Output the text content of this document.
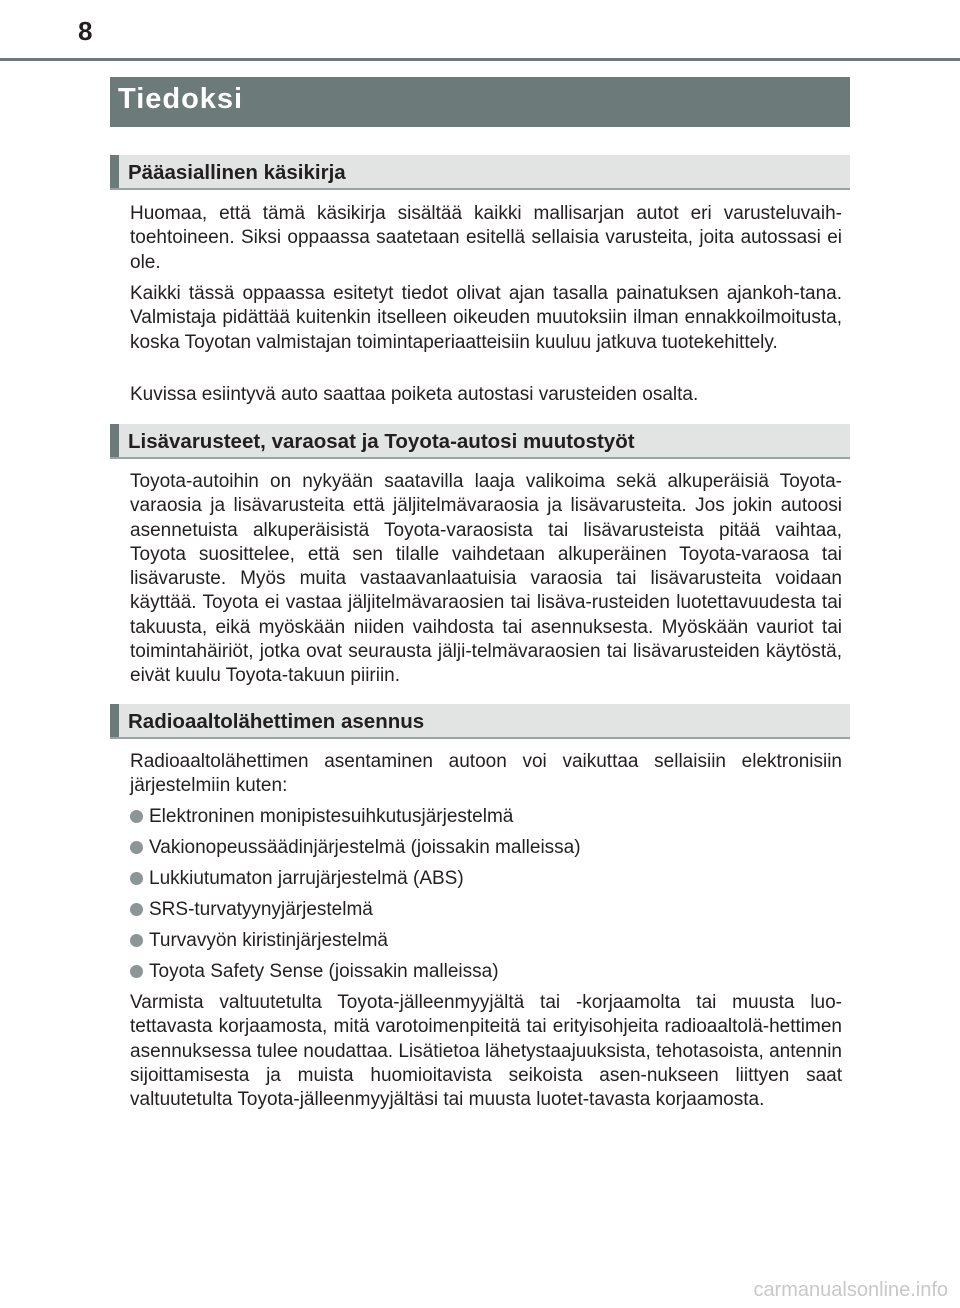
8
Tiedoksi
Pääasiallinen käsikirja

Huomaa, että tämä käsikirja sisältää kaikki mallisarjan autot eri varusteluvaih-toehtoineen. Siksi oppaassa saatetaan esitellä sellaisia varusteita, joita autossasi ei ole.

Kaikki tässä oppaassa esitetyt tiedot olivat ajan tasalla painatuksen ajankoh-tana. Valmistaja pidättää kuitenkin itselleen oikeuden muutoksiin ilman ennakkoilmoitusta, koska Toyotan valmistajan toimintaperiaatteisiin kuuluu jatkuva tuotekehittely.

Kuvissa esiintyvä auto saattaa poiketa autostasi varusteiden osalta.

Lisävarusteet, varaosat ja Toyota-autosi muutostyöt

Toyota-autoihin on nykyään saatavilla laaja valikoima sekä alkuperäisiä Toyota-varaosia ja lisävarusteita että jäljitelmävaraosia ja lisävarusteita. Jos jokin autoosi asennetuista alkuperäisistä Toyota-varaosista tai lisävarusteista pitää vaihtaa, Toyota suosittelee, että sen tilalle vaihdetaan alkuperäinen Toyota-varaosa tai lisävaruste. Myös muita vastaavanlaatuisia varaosia tai lisävarusteita voidaan käyttää. Toyota ei vastaa jäljitelmävaraosien tai lisäva-rusteiden luotettavuudesta tai takuusta, eikä myöskään niiden vaihdosta tai asennuksesta. Myöskään vauriot tai toimintahäiriöt, jotka ovat seurausta jälji-telmävaraosien tai lisävarusteiden käytöstä, eivät kuulu Toyota-takuun piiriin.

Radioaaltolähettimen asennus

Radioaaltolähettimen asentaminen autoon voi vaikuttaa sellaisiin elektronisiin järjestelmiin kuten:

Elektroninen monipistesuihkutusjärjestelmä
Vakionopeussäädinjärjestelmä (joissakin malleissa)
Lukkiutumaton jarrujärjestelmä (ABS)
SRS-turvatyynyjärjestelmä
Turvavyön kiristinjärjestelmä
Toyota Safety Sense (joissakin malleissa)

Varmista valtuutetulta Toyota-jälleenmyyjältä tai -korjaamolta tai muusta luo-tettavasta korjaamosta, mitä varotoimenpiteitä tai erityisohjeita radioaaltolä-hettimen asennuksessa tulee noudattaa. Lisätietoa lähetystaajuuksista, tehotasoista, antennin sijoittamisesta ja muista huomioitavista seikoista asen-nukseen liittyen saat valtuutetulta Toyota-jälleenmyyjältäsi tai muusta luotet-tavasta korjaamosta.

carmanualsonline.info
